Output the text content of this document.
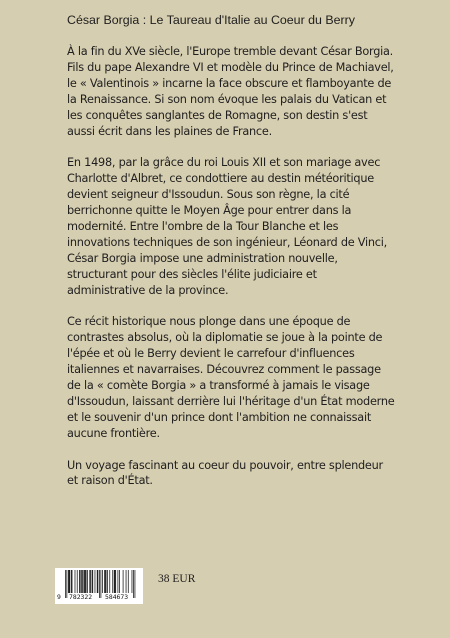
César Borgia : Le Taureau d'Italie au Coeur du Berry

À la fin du XVe siècle, l'Europe tremble devant César Borgia. Fils du pape Alexandre VI et modèle du Prince de Machiavel, le « Valentinois » incarne la face obscure et flamboyante de la Renaissance. Si son nom évoque les palais du Vatican et les conquêtes sanglantes de Romagne, son destin s'est aussi écrit dans les plaines de France.

En 1498, par la grâce du roi Louis XII et son mariage avec Charlotte d'Albret, ce condottiere au destin météoritique devient seigneur d'Issoudun. Sous son règne, la cité berrichonne quitte le Moyen Âge pour entrer dans la modernité. Entre l'ombre de la Tour Blanche et les innovations techniques de son ingénieur, Léonard de Vinci, César Borgia impose une administration nouvelle, structurant pour des siècles l'élite judiciaire et administrative de la province.

Ce récit historique nous plonge dans une époque de contrastes absolus, où la diplomatie se joue à la pointe de l'épée et où le Berry devient le carrefour d'influences italiennes et navarraises. Découvrez comment le passage de la « comète Borgia » a transformé à jamais le visage d'Issoudun, laissant derrière lui l'héritage d'un État moderne et le souvenir d'un prince dont l'ambition ne connaissait aucune frontière.

Un voyage fascinant au coeur du pouvoir, entre splendeur et raison d'État.

9 782322 584673
38 EUR
